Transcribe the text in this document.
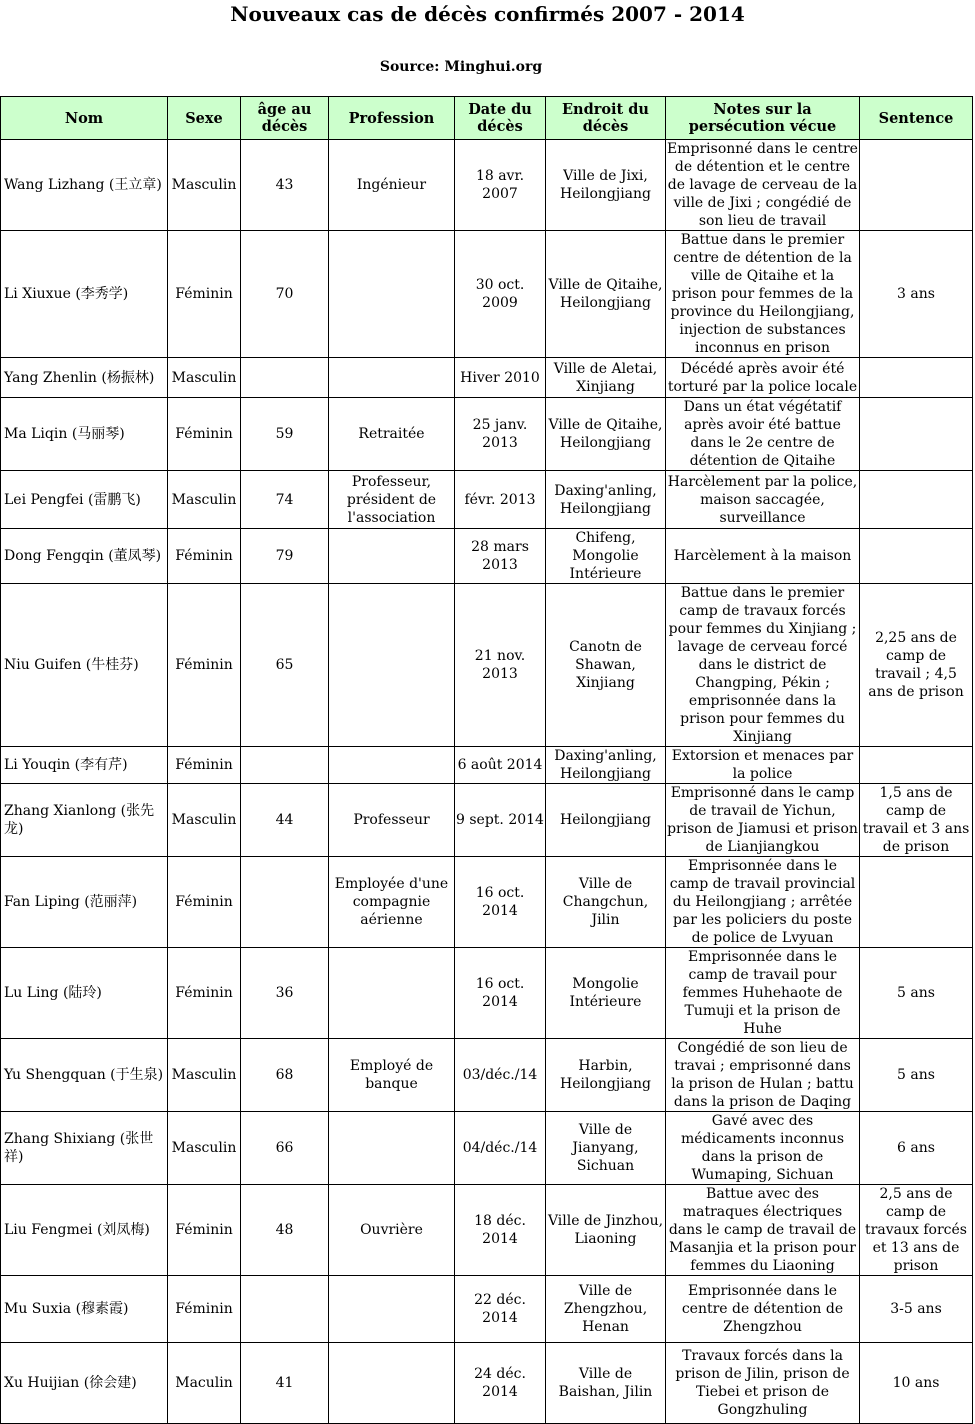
Nouveaux cas de décès confirmés 2007 - 2014
Source: Minghui.org
Nom	Sexe	âge au décès	Profession	Date du décès	Endroit du décès	Notes sur la persécution vécue	Sentence
Wang Lizhang (王立章)	Masculin	43	Ingénieur	18 avr. 2007	Ville de Jixi, Heilongjiang	Emprisonné dans le centre de détention et le centre de lavage de cerveau de la ville de Jixi ; congédié de son lieu de travail	
Li Xiuxue (李秀学)	Féminin	70		30 oct. 2009	Ville de Qitaihe, Heilongjiang	Battue dans le premier centre de détention de la ville de Qitaihe et la prison pour femmes de la province du Heilongjiang, injection de substances inconnus en prison	3 ans
Yang Zhenlin (杨振林)	Masculin			Hiver 2010	Ville de Aletai, Xinjiang	Décédé après avoir été torturé par la police locale	
Ma Liqin (马丽琴)	Féminin	59	Retraitée	25 janv. 2013	Ville de Qitaihe, Heilongjiang	Dans un état végétatif après avoir été battue dans le 2e centre de détention de Qitaihe	
Lei Pengfei (雷鹏飞)	Masculin	74	Professeur, président de l'association	févr. 2013	Daxing'anling, Heilongjiang	Harcèlement par la police, maison saccagée, surveillance	
Dong Fengqin (董凤琴)	Féminin	79		28 mars 2013	Chifeng, Mongolie Intérieure	Harcèlement à la maison	
Niu Guifen (牛桂芬)	Féminin	65		21 nov. 2013	Canotn de Shawan, Xinjiang	Battue dans le premier camp de travaux forcés pour femmes du Xinjiang ; lavage de cerveau forcé dans le district de Changping, Pékin ; emprisonnée dans la prison pour femmes du Xinjiang	2,25 ans de camp de travail ; 4,5 ans de prison
Li Youqin (李有芹)	Féminin			6 août 2014	Daxing'anling, Heilongjiang	Extorsion et menaces par la police	
Zhang Xianlong (张先龙)	Masculin	44	Professeur	9 sept. 2014	Heilongjiang	Emprisonné dans le camp de travail de Yichun, prison de Jiamusi et prison de Lianjiangkou	1,5 ans de camp de travail et 3 ans de prison
Fan Liping (范丽萍)	Féminin		Employée d'une compagnie aérienne	16 oct. 2014	Ville de Changchun, Jilin	Emprisonnée dans le camp de travail provincial du Heilongjiang ; arrêtée par les policiers du poste de police de Lvyuan	
Lu Ling (陆玲)	Féminin	36		16 oct. 2014	Mongolie Intérieure	Emprisonnée dans le camp de travail pour femmes Huhehaote de Tumuji et la prison de Huhe	5 ans
Yu Shengquan (于生泉)	Masculin	68	Employé de banque	03/déc./14	Harbin, Heilongjiang	Congédié de son lieu de travai ; emprisonné dans la prison de Hulan ; battu dans la prison de Daqing	5 ans
Zhang Shixiang (张世祥)	Masculin	66		04/déc./14	Ville de Jianyang, Sichuan	Gavé avec des médicaments inconnus dans la prison de Wumaping, Sichuan	6 ans
Liu Fengmei (刘凤梅)	Féminin	48	Ouvrière	18 déc. 2014	Ville de Jinzhou, Liaoning	Battue avec des matraques électriques dans le camp de travail de Masanjia et la prison pour femmes du Liaoning	2,5 ans de camp de travaux forcés et 13 ans de prison
Mu Suxia (穆素霞)	Féminin			22 déc. 2014	Ville de Zhengzhou, Henan	Emprisonnée dans le centre de détention de Zhengzhou	3-5 ans
Xu Huijian (徐会建)	Maculin	41		24 déc. 2014	Ville de Baishan, Jilin	Travaux forcés dans la prison de Jilin, prison de Tiebei et prison de Gongzhuling	10 ans
